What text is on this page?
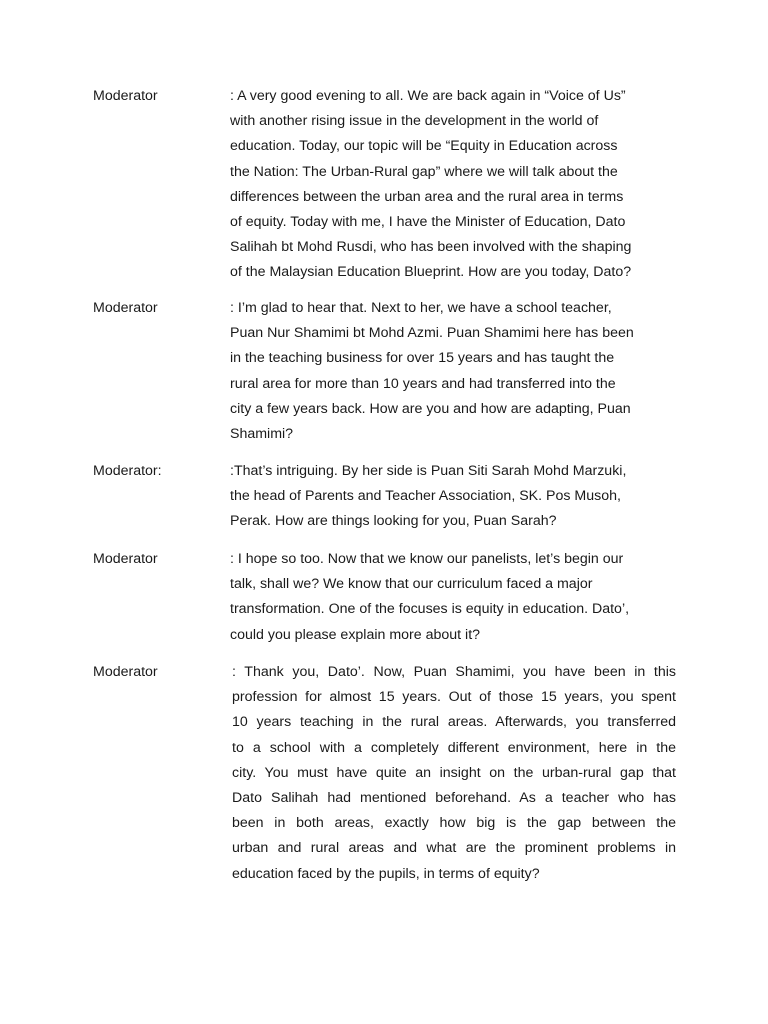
Moderator	: A very good evening to all. We are back again in “Voice of Us”
with another rising issue in the development in the world of
education. Today, our topic will be “Equity in Education across
the Nation: The Urban-Rural gap” where we will talk about the
differences between the urban area and the rural area in terms
of equity. Today with me, I have the Minister of Education, Dato
Salihah bt Mohd Rusdi, who has been involved with the shaping
of the Malaysian Education Blueprint. How are you today, Dato?
Moderator	: I’m glad to hear that. Next to her, we have a school teacher,
Puan Nur Shamimi bt Mohd Azmi. Puan Shamimi here has been
in the teaching business for over 15 years and has taught the
rural area for more than 10 years and had transferred into the
city a few years back. How are you and how are adapting, Puan
Shamimi?
Moderator:	:That’s intriguing. By her side is Puan Siti Sarah Mohd Marzuki,
the head of Parents and Teacher Association, SK. Pos Musoh,
Perak. How are things looking for you, Puan Sarah?
Moderator	: I hope so too. Now that we know our panelists, let’s begin our
talk, shall we? We know that our curriculum faced a major
transformation. One of the focuses is equity in education. Dato’,
could you please explain more about it?
Moderator	: Thank you, Dato’. Now, Puan Shamimi, you have been in this
profession for almost 15 years. Out of those 15 years, you spent
10 years teaching in the rural areas. Afterwards, you transferred
to a school with a completely different environment, here in the
city. You must have quite an insight on the urban-rural gap that
Dato Salihah had mentioned beforehand. As a teacher who has
been in both areas, exactly how big is the gap between the
urban and rural areas and what are the prominent problems in
education faced by the pupils, in terms of equity?
